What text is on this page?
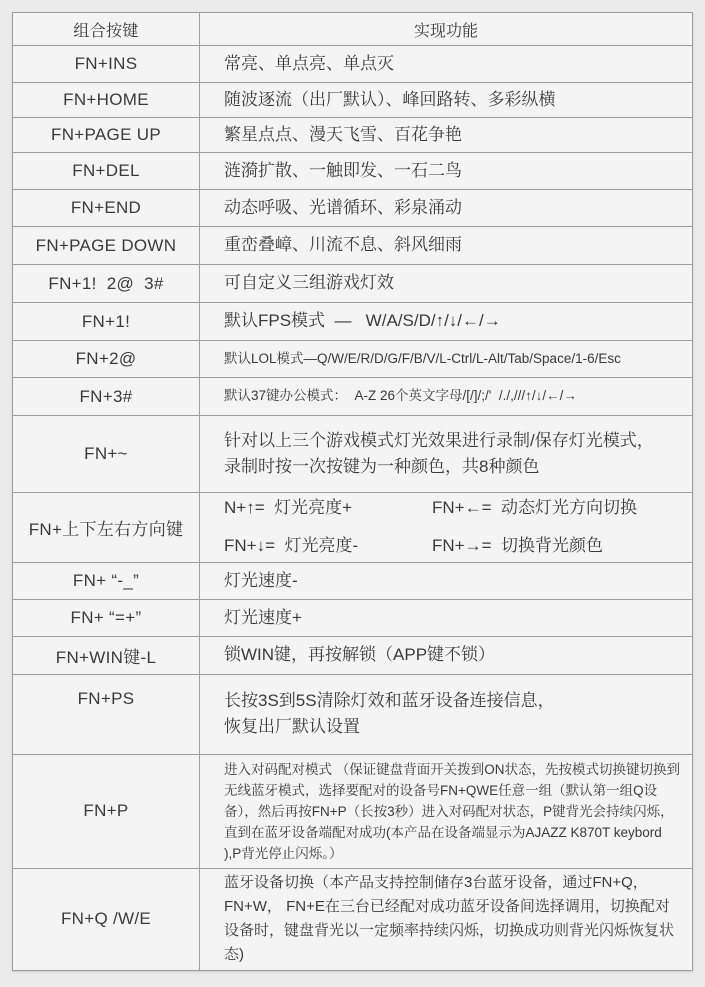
组合按键	实现功能
FN+INS	常亮、单点亮、单点灭

FN+HOME	随波逐流（出厂默认）、峰回路转、多彩纵横

FN+PAGE UP	繁星点点、漫天飞雪、百花争艳

FN+DEL	涟漪扩散、一触即发、一石二鸟

FN+END	动态呼吸、光谱循环、彩泉涌动

FN+PAGE DOWN	重峦叠嶂、川流不息、斜风细雨

FN+1!  2@  3#	可自定义三组游戏灯效

FN+1!	默认FPS模式  —   W/A/S/D/↑/↓/←/→

FN+2@	默认LOL模式—Q/W/E/R/D/G/F/B/V/L-Ctrl/L-Alt/Tab/Space/1-6/Esc

FN+3#	默认37键办公模式：  A-Z 26个英文字母/[/]/;/'  /./,///↑/↓/←/→

FN+~	针对以上三个游戏模式灯光效果进行录制/保存灯光模式，
录制时按一次按键为一种颜色，共8种颜色

FN+上下左右方向键	N+↑=  灯光亮度+ FN+←=  动态灯光方向切换
FN+↓=  灯光亮度- FN+→=  切换背光颜色

FN+ “-_”	灯光速度-

FN+ “=+”	灯光速度+

FN+WIN键-L	锁WIN键，再按解锁（APP键不锁）

FN+PS	长按3S到5S清除灯效和蓝牙设备连接信息，
恢复出厂默认设置

FN+P	进入对码配对模式 （保证键盘背面开关拨到ON状态，先按模式切换键切换到无线蓝牙模式，选择要配对的设备号FN+QWE任意一组（默认第一组Q设备），然后再按FN+P（长按3秒）进入对码配对状态，P键背光会持续闪烁，直到在蓝牙设备端配对成功(本产品在设备端显示为AJAZZ K870T keybord ),P背光停止闪烁。）

FN+Q /W/E	蓝牙设备切换（本产品支持控制储存3台蓝牙设备，通过FN+Q，FN+W， FN+E在三台已经配对成功蓝牙设备间选择调用，切换配对设备时，键盘背光以一定频率持续闪烁，切换成功则背光闪烁恢复状态)
